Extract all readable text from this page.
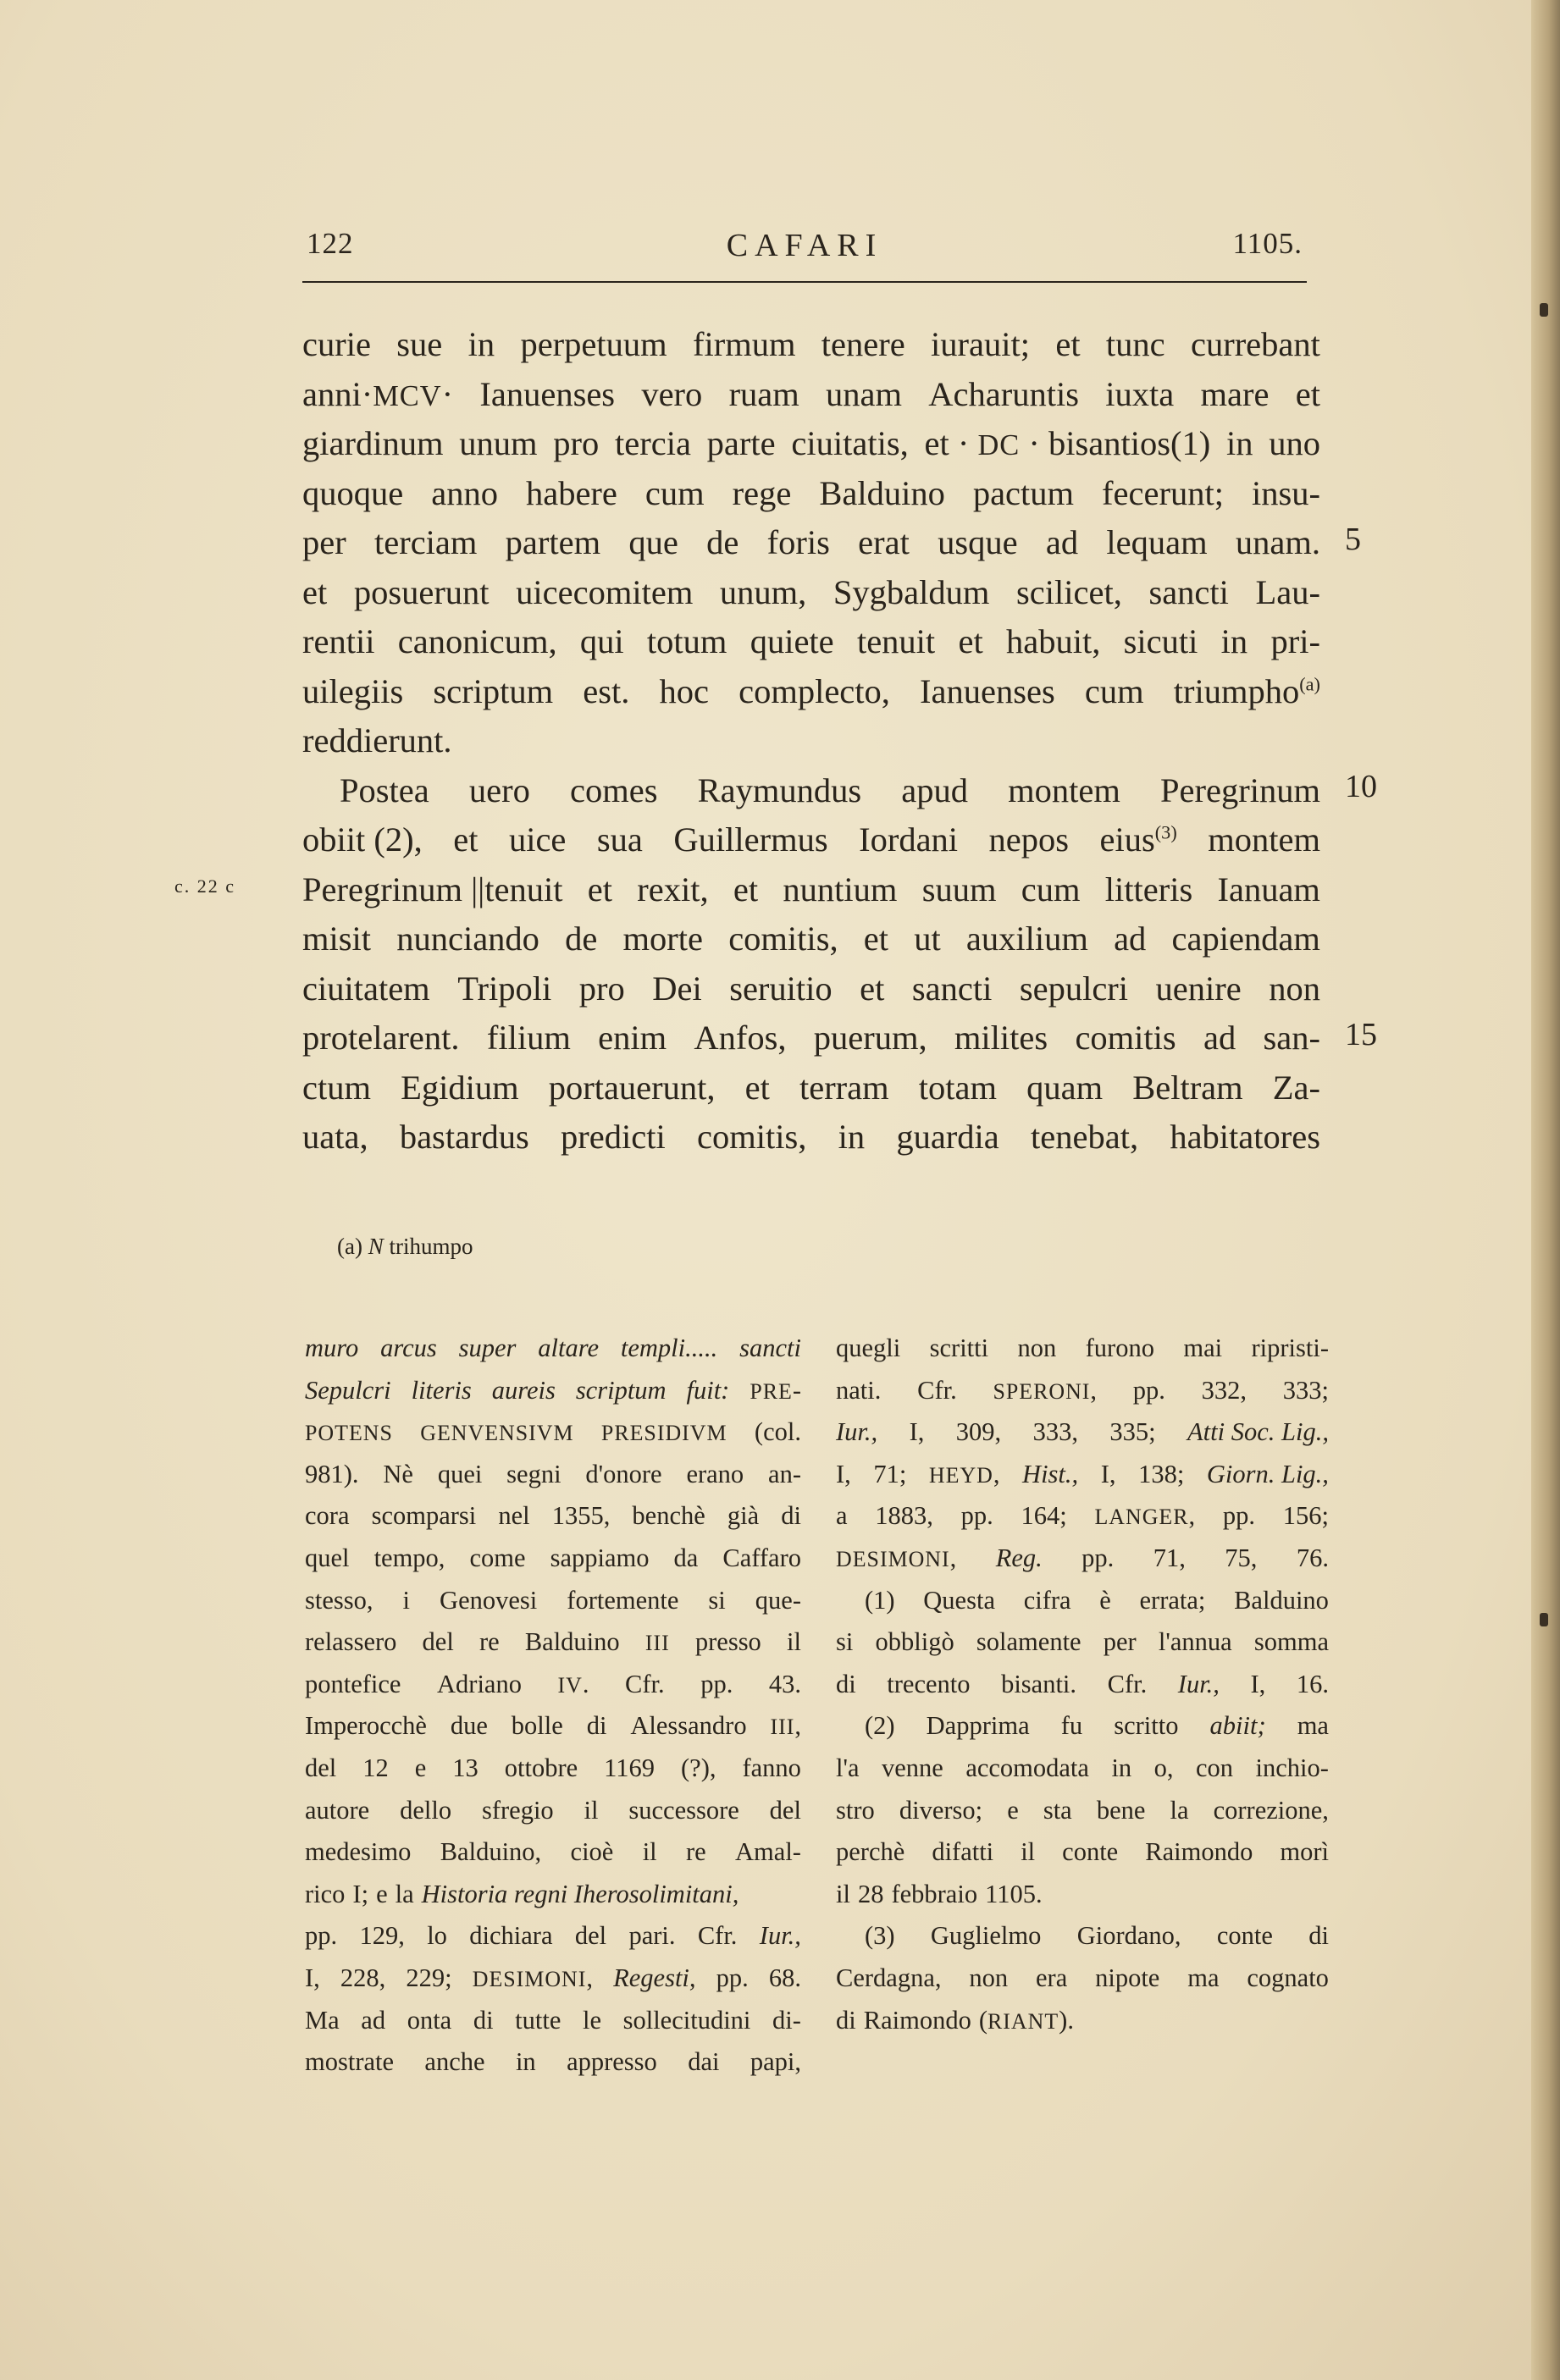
122	CAFARI	1105.
curie sue in perpetuum firmum tenere iurauit; et tunc currebant
anni·MCV· Ianuenses vero ruam unam Acharuntis iuxta mare et
giardinum unum pro tercia parte ciuitatis, et · DC · bisantios(1) in uno
quoque anno habere cum rege Balduino pactum fecerunt; insu-
per terciam partem que de foris erat usque ad lequam unam.
et posuerunt uicecomitem unum, Sygbaldum scilicet, sancti Lau-
rentii canonicum, qui totum quiete tenuit et habuit, sicuti in pri-
uilegiis scriptum est. hoc complecto, Ianuenses cum triumpho$^{(a)}$
reddierunt.
Postea uero comes Raymundus apud montem Peregrinum
obiit (2), et uice sua Guillermus Iordani nepos eius$^{(3)}$ montem
Peregrinum ||tenuit et rexit, et nuntium suum cum litteris Ianuam
misit nunciando de morte comitis, et ut auxilium ad capiendam
ciuitatem Tripoli pro Dei seruitio et sancti sepulcri uenire non
protelarent. filium enim Anfos, puerum, milites comitis ad san-
ctum Egidium portauerunt, et terram totam quam Beltram Za-
uata, bastardus predicti comitis, in guardia tenebat, habitatores
5
10
15
c. 22 c
(a) N trihumpo
muro arcus super altare templi..... sancti
Sepulcri literis aureis scriptum fuit: PRE-
POTENS GENVENSIVM PRESIDIVM (col.
981). Nè quei segni d'onore erano an-
cora scomparsi nel 1355, benchè già di
quel tempo, come sappiamo da Caffaro
stesso, i Genovesi fortemente si que-
relassero del re Balduino III presso il
pontefice Adriano IV. Cfr. pp. 43.
Imperocchè due bolle di Alessandro III,
del 12 e 13 ottobre 1169 (?), fanno
autore dello sfregio il successore del
medesimo Balduino, cioè il re Amal-
rico I; e la Historia regni Iherosolimitani,
pp. 129, lo dichiara del pari. Cfr. Iur.,
I, 228, 229; DESIMONI, Regesti, pp. 68.
Ma ad onta di tutte le sollecitudini di-
mostrate anche in appresso dai papi,
quegli scritti non furono mai ripristi-
nati. Cfr. SPERONI, pp. 332, 333;
Iur., I, 309, 333, 335; Atti Soc. Lig.,
I, 71; HEYD, Hist., I, 138; Giorn. Lig.,
a 1883, pp. 164; LANGER, pp. 156;
DESIMONI, Reg. pp. 71, 75, 76.
(1) Questa cifra è errata; Balduino
si obbligò solamente per l'annua somma
di trecento bisanti. Cfr. Iur., I, 16.
(2) Dapprima fu scritto abiit; ma
l'a venne accomodata in o, con inchio-
stro diverso; e sta bene la correzione,
perchè difatti il conte Raimondo morì
il 28 febbraio 1105.
(3) Guglielmo Giordano, conte di
Cerdagna, non era nipote ma cognato
di Raimondo (RIANT).
